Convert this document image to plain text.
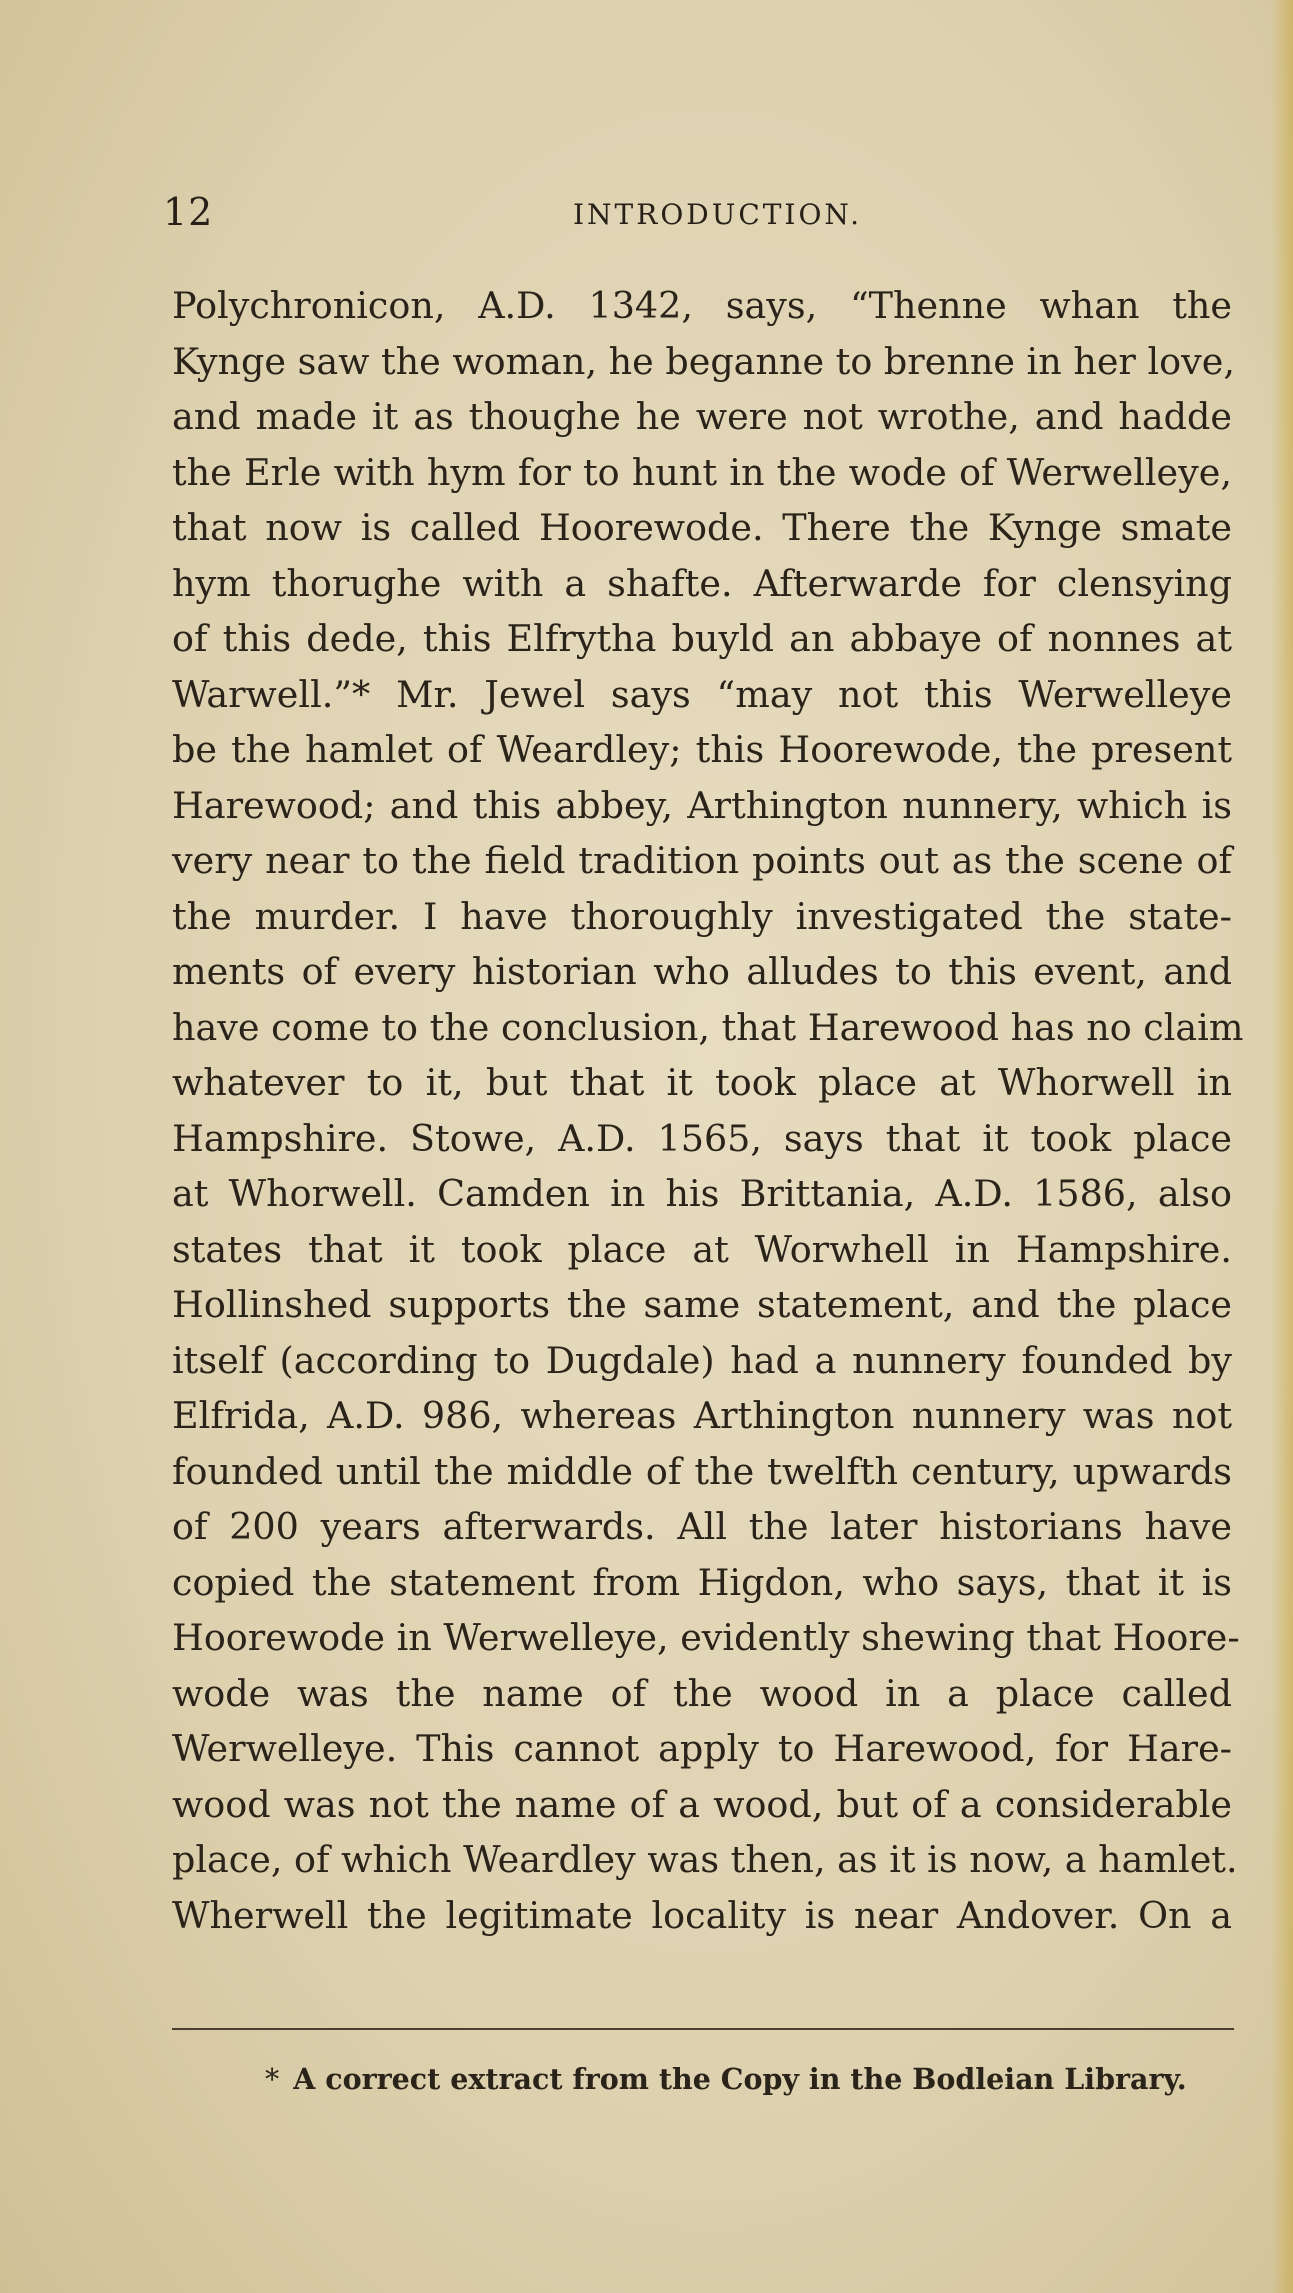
12	INTRODUCTION.
Polychronicon, A.D. 1342, says, “Thenne whan the
Kynge saw the woman, he beganne to brenne in her love,
and made it as thoughe he were not wrothe, and hadde
the Erle with hym for to hunt in the wode of Werwelleye,
that now is called Hoorewode. There the Kynge smate
hym thorughe with a shafte. Afterwarde for clensying
of this dede, this Elfrytha buyld an abbaye of nonnes at
Warwell.”* Mr. Jewel says “may not this Werwelleye
be the hamlet of Weardley; this Hoorewode, the present
Harewood; and this abbey, Arthington nunnery, which is
very near to the field tradition points out as the scene of
the murder. I have thoroughly investigated the state-
ments of every historian who alludes to this event, and
have come to the conclusion, that Harewood has no claim
whatever to it, but that it took place at Whorwell in
Hampshire. Stowe, A.D. 1565, says that it took place
at Whorwell. Camden in his Brittania, A.D. 1586, also
states that it took place at Worwhell in Hampshire.
Hollinshed supports the same statement, and the place
itself (according to Dugdale) had a nunnery founded by
Elfrida, A.D. 986, whereas Arthington nunnery was not
founded until the middle of the twelfth century, upwards
of 200 years afterwards. All the later historians have
copied the statement from Higdon, who says, that it is
Hoorewode in Werwelleye, evidently shewing that Hoore-
wode was the name of the wood in a place called
Werwelleye. This cannot apply to Harewood, for Hare-
wood was not the name of a wood, but of a considerable
place, of which Weardley was then, as it is now, a hamlet.
Wherwell the legitimate locality is near Andover. On a
* A correct extract from the Copy in the Bodleian Library.
